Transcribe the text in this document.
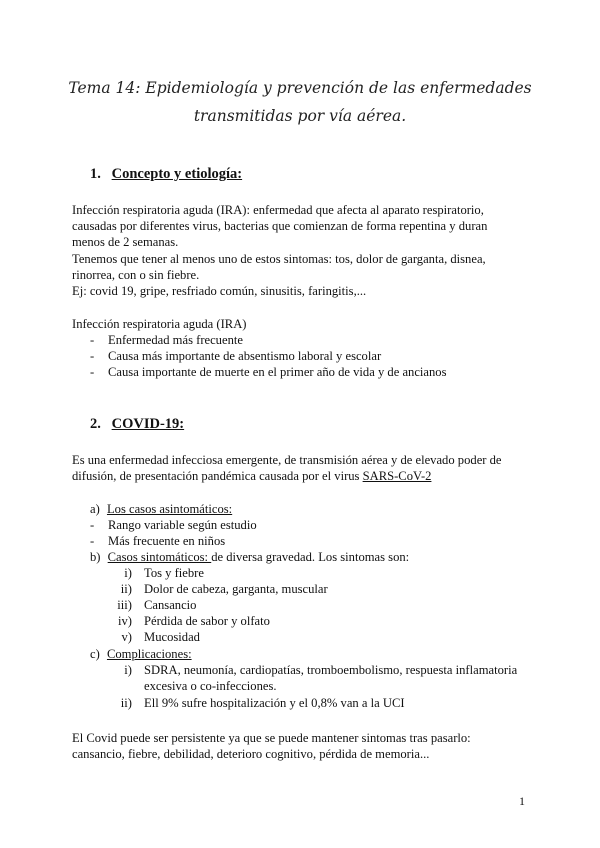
Tema 14: Epidemiología y prevención de las enfermedades
transmitidas por vía aérea.
1. Concepto y etiología:
Infección respiratoria aguda (IRA): enfermedad que afecta al aparato respiratorio,
causadas por diferentes virus, bacterias que comienzan de forma repentina y duran
menos de 2 semanas.
Tenemos que tener al menos uno de estos sintomas: tos, dolor de garganta, disnea,
rinorrea, con o sin fiebre.
Ej: covid 19, gripe, resfriado común, sinusitis, faringitis,...
Infección respiratoria aguda (IRA)
- Enfermedad más frecuente
- Causa más importante de absentismo laboral y escolar
- Causa importante de muerte en el primer año de vida y de ancianos
2. COVID-19:
Es una enfermedad infecciosa emergente, de transmisión aérea y de elevado poder de
difusión, de presentación pandémica causada por el virus SARS-CoV-2
a) Los casos asintomáticos:
- Rango variable según estudio
- Más frecuente en niños
b) Casos sintomáticos: de diversa gravedad. Los sintomas son:
i) Tos y fiebre
ii) Dolor de cabeza, garganta, muscular
iii) Cansancio
iv) Pérdida de sabor y olfato
v) Mucosidad
c) Complicaciones:
i) SDRA, neumonía, cardiopatías, tromboembolismo, respuesta inflamatoria
excesiva o co-infecciones.
ii) Ell 9% sufre hospitalización y el 0,8% van a la UCI
El Covid puede ser persistente ya que se puede mantener sintomas tras pasarlo:
cansancio, fiebre, debilidad, deterioro cognitivo, pérdida de memoria...
1
